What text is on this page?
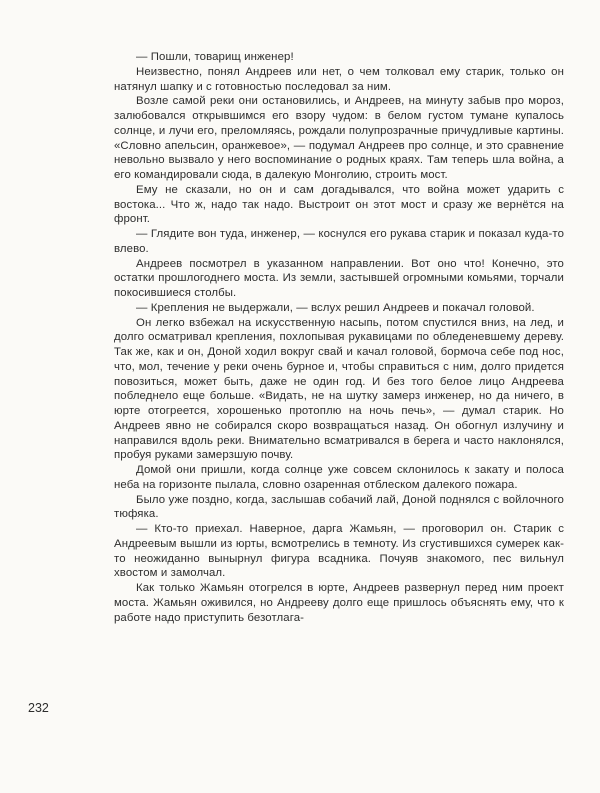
232

— Пошли, товарищ инженер!

Неизвестно, понял Андреев или нет, о чем толковал ему старик, только он натянул шапку и с готовностью последовал за ним.

Возле самой реки они остановились, и Андреев, на минуту забыв про мороз, залюбовался открывшимся его взору чудом: в белом густом тумане купалось солнце, и лучи его, преломляясь, рождали полупрозрачные причудливые картины. «Словно апельсин, оранжевое», — подумал Андреев про солнце, и это сравнение невольно вызвало у него воспоминание о родных краях. Там теперь шла война, а его командировали сюда, в далекую Монголию, строить мост.

Ему не сказали, но он и сам догадывался, что война может ударить с востока... Что ж, надо так надо. Выстроит он этот мост и сразу же вернётся на фронт.

— Глядите вон туда, инженер, — коснулся его рукава старик и показал куда-то влево.

Андреев посмотрел в указанном направлении. Вот оно что! Конечно, это остатки прошлогоднего моста. Из земли, застывшей огромными комьями, торчали покосившиеся столбы.

— Крепления не выдержали, — вслух решил Андреев и покачал головой.

Он легко взбежал на искусственную насыпь, потом спустился вниз, на лед, и долго осматривал крепления, похлопывая рукавицами по обледеневшему дереву. Так же, как и он, Доной ходил вокруг свай и качал головой, бормоча себе под нос, что, мол, течение у реки очень бурное и, чтобы справиться с ним, долго придется повозиться, может быть, даже не один год. И без того белое лицо Андреева побледнело еще больше. «Видать, не на шутку замерз инженер, но да ничего, в юрте отогреется, хорошенько протоплю на ночь печь», — думал старик. Но Андреев явно не собирался скоро возвращаться назад. Он обогнул излучину и направился вдоль реки. Внимательно всматривался в берега и часто наклонялся, пробуя руками замерзшую почву.

Домой они пришли, когда солнце уже совсем склонилось к закату и полоса неба на горизонте пылала, словно озаренная отблеском далекого пожара.

Было уже поздно, когда, заслышав собачий лай, Доной поднялся с войлочного тюфяка.

— Кто-то приехал. Наверное, дарга Жамьян, — проговорил он. Старик с Андреевым вышли из юрты, всмотрелись в темноту. Из сгустившихся сумерек как-то неожиданно вынырнул фигура всадника. Почуяв знакомого, пес вильнул хвостом и замолчал.

Как только Жамьян отогрелся в юрте, Андреев развернул перед ним проект моста. Жамьян оживился, но Андрееву долго еще пришлось объяснять ему, что к работе надо приступить безотлага-
